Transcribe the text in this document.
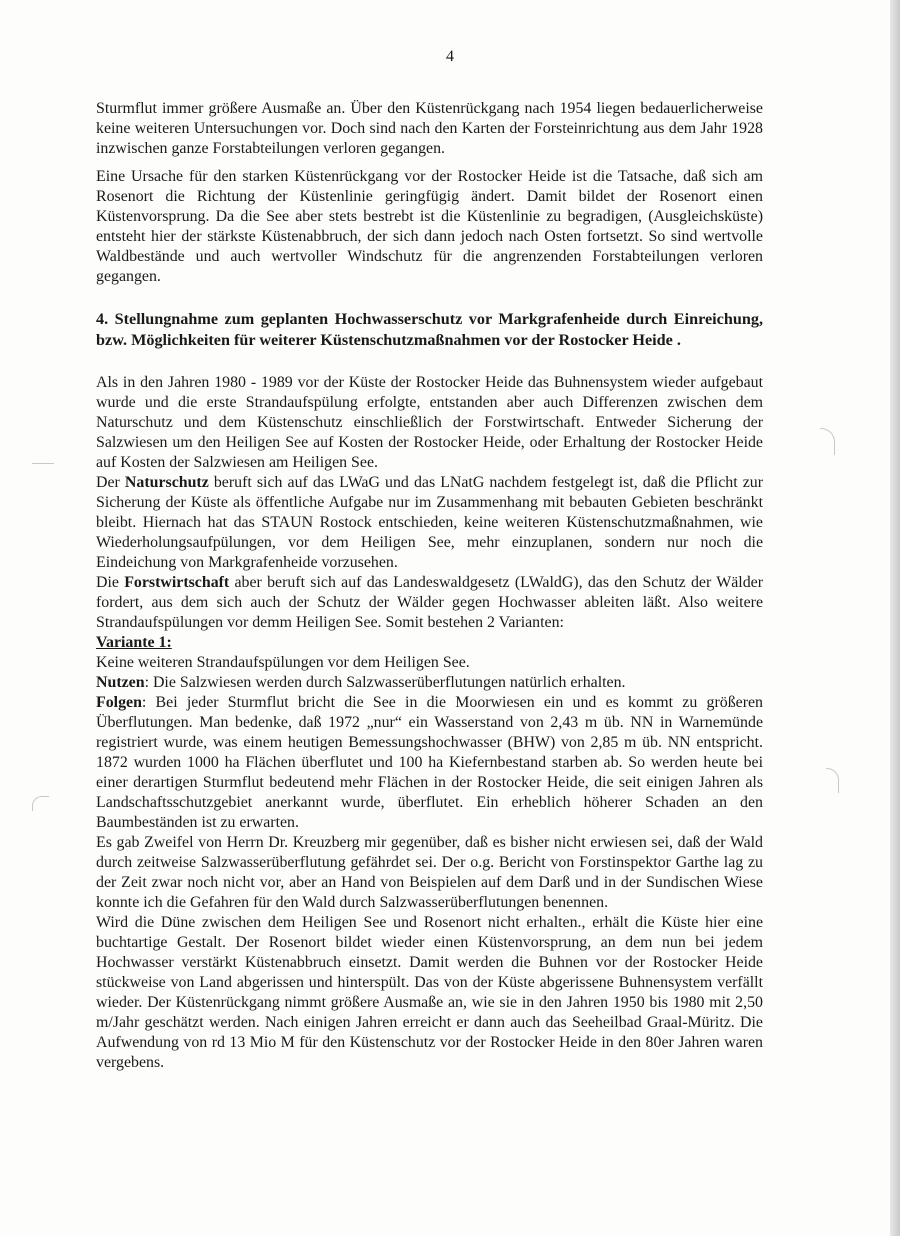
4

Sturmflut immer größere Ausmaße an. Über den Küstenrückgang nach 1954 liegen bedauerlicherweise keine weiteren Untersuchungen vor. Doch sind nach den Karten der Forsteinrichtung aus dem Jahr 1928 inzwischen ganze Forstabteilungen verloren gegangen.

Eine Ursache für den starken Küstenrückgang vor der Rostocker Heide ist die Tatsache, daß sich am Rosenort die Richtung der Küstenlinie geringfügig ändert. Damit bildet der Rosenort einen Küstenvorsprung. Da die See aber stets bestrebt ist die Küstenlinie zu begradigen, (Ausgleichsküste) entsteht hier der stärkste Küstenabbruch, der sich dann jedoch nach Osten fortsetzt. So sind wertvolle Waldbestände und auch wertvoller Windschutz für die angrenzenden Forstabteilungen verloren gegangen.

4. Stellungnahme zum geplanten Hochwasserschutz vor Markgrafenheide durch Einreichung, bzw. Möglichkeiten für weiterer Küstenschutzmaßnahmen vor der Rostocker Heide .

Als in den Jahren 1980 - 1989 vor der Küste der Rostocker Heide das Buhnensystem wieder aufgebaut wurde und die erste Strandaufspülung erfolgte, entstanden aber auch Differenzen zwischen dem Naturschutz und dem Küstenschutz einschließlich der Forstwirtschaft. Entweder Sicherung der Salzwiesen um den Heiligen See auf Kosten der Rostocker Heide, oder Erhaltung der Rostocker Heide auf Kosten der Salzwiesen am Heiligen See.

Der Naturschutz beruft sich auf das LWaG und das LNatG nachdem festgelegt ist, daß die Pflicht zur Sicherung der Küste als öffentliche Aufgabe nur im Zusammenhang mit bebauten Gebieten beschränkt bleibt. Hiernach hat das STAUN Rostock entschieden, keine weiteren Küstenschutzmaßnahmen, wie Wiederholungsaufpülungen, vor dem Heiligen See, mehr einzuplanen, sondern nur noch die Eindeichung von Markgrafenheide vorzusehen.

Die Forstwirtschaft aber beruft sich auf das Landeswaldgesetz (LWaldG), das den Schutz der Wälder fordert, aus dem sich auch der Schutz der Wälder gegen Hochwasser ableiten läßt. Also weitere Strandaufspülungen vor demm Heiligen See. Somit bestehen 2 Varianten:

Variante 1:

Keine weiteren Strandaufspülungen vor dem Heiligen See.

Nutzen: Die Salzwiesen werden durch Salzwasserüberflutungen natürlich erhalten.

Folgen: Bei jeder Sturmflut bricht die See in die Moorwiesen ein und es kommt zu größeren Überflutungen. Man bedenke, daß 1972 „nur“ ein Wasserstand von 2,43 m üb. NN in Warnemünde registriert wurde, was einem heutigen Bemessungshochwasser (BHW) von 2,85 m üb. NN entspricht. 1872 wurden 1000 ha Flächen überflutet und 100 ha Kiefernbestand starben ab. So werden heute bei einer derartigen Sturmflut bedeutend mehr Flächen in der Rostocker Heide, die seit einigen Jahren als Landschaftsschutzgebiet anerkannt wurde, überflutet. Ein erheblich höherer Schaden an den Baumbeständen ist zu erwarten.

Es gab Zweifel von Herrn Dr. Kreuzberg mir gegenüber, daß es bisher nicht erwiesen sei, daß der Wald durch zeitweise Salzwasserüberflutung gefährdet sei. Der o.g. Bericht von Forstinspektor Garthe lag zu der Zeit zwar noch nicht vor, aber an Hand von Beispielen auf dem Darß und in der Sundischen Wiese konnte ich die Gefahren für den Wald durch Salzwasserüberflutungen benennen.

Wird die Düne zwischen dem Heiligen See und Rosenort nicht erhalten., erhält die Küste hier eine buchtartige Gestalt. Der Rosenort bildet wieder einen Küstenvorsprung, an dem nun bei jedem Hochwasser verstärkt Küstenabbruch einsetzt. Damit werden die Buhnen vor der Rostocker Heide stückweise von Land abgerissen und hinterspült. Das von der Küste abgerissene Buhnensystem verfällt wieder. Der Küstenrückgang nimmt größere Ausmaße an, wie sie in den Jahren 1950 bis 1980 mit 2,50 m/Jahr geschätzt werden. Nach einigen Jahren erreicht er dann auch das Seeheilbad Graal-Müritz. Die Aufwendung von rd 13 Mio M für den Küstenschutz vor der Rostocker Heide in den 80er Jahren waren vergebens.
